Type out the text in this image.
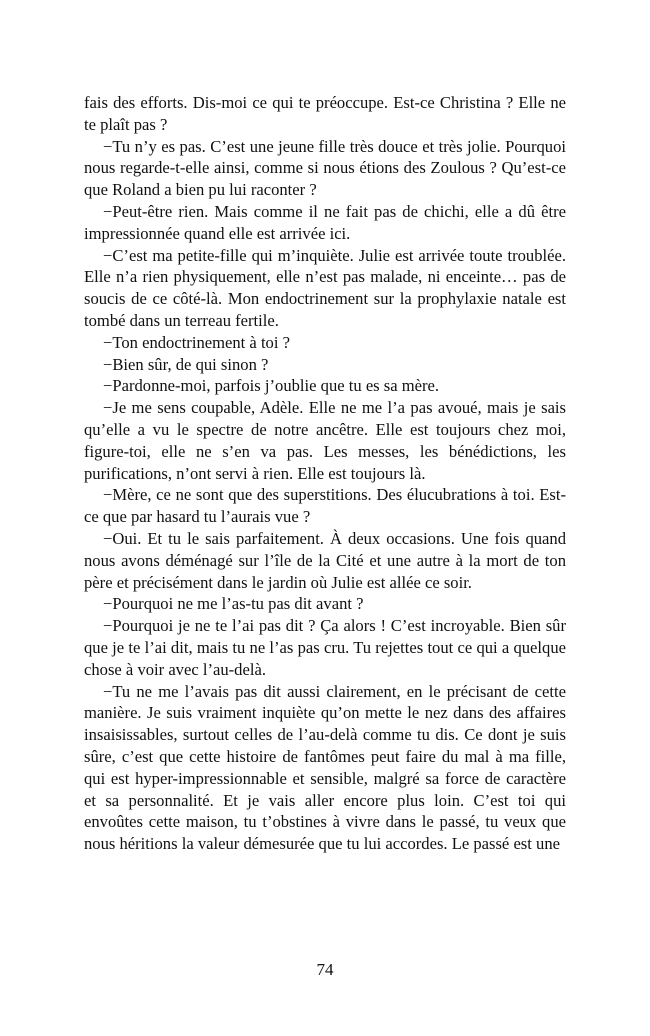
fais des efforts. Dis-moi ce qui te préoccupe. Est-ce Christina ? Elle ne te plaît pas ?

−Tu n’y es pas. C’est une jeune fille très douce et très jolie. Pourquoi nous regarde-t-elle ainsi, comme si nous étions des Zoulous ? Qu’est-ce que Roland a bien pu lui raconter ?

−Peut-être rien. Mais comme il ne fait pas de chichi, elle a dû être impressionnée quand elle est arrivée ici.

−C’est ma petite-fille qui m’inquiète. Julie est arrivée toute troublée. Elle n’a rien physiquement, elle n’est pas malade, ni enceinte… pas de soucis de ce côté-là. Mon endoctrinement sur la prophylaxie natale est tombé dans un terreau fertile.

−Ton endoctrinement à toi ?

−Bien sûr, de qui sinon ?

−Pardonne-moi, parfois j’oublie que tu es sa mère.

−Je me sens coupable, Adèle. Elle ne me l’a pas avoué, mais je sais qu’elle a vu le spectre de notre ancêtre. Elle est toujours chez moi, figure-toi, elle ne s’en va pas. Les messes, les bénédictions, les purifications, n’ont servi à rien. Elle est toujours là.

−Mère, ce ne sont que des superstitions. Des élucubrations à toi. Est-ce que par hasard tu l’aurais vue ?

−Oui. Et tu le sais parfaitement. À deux occasions. Une fois quand nous avons déménagé sur l’île de la Cité et une autre à la mort de ton père et précisément dans le jardin où Julie est allée ce soir.

−Pourquoi ne me l’as-tu pas dit avant ?

−Pourquoi je ne te l’ai pas dit ? Ça alors ! C’est incroyable. Bien sûr que je te l’ai dit, mais tu ne l’as pas cru. Tu rejettes tout ce qui a quelque chose à voir avec l’au-delà.

−Tu ne me l’avais pas dit aussi clairement, en le précisant de cette manière. Je suis vraiment inquiète qu’on mette le nez dans des affaires insaisissables, surtout celles de l’au-delà comme tu dis. Ce dont je suis sûre, c’est que cette histoire de fantômes peut faire du mal à ma fille, qui est hyper-impressionnable et sensible, malgré sa force de caractère et sa personnalité. Et je vais aller encore plus loin. C’est toi qui envoûtes cette maison, tu t’obstines à vivre dans le passé, tu veux que nous héritions la valeur démesurée que tu lui accordes. Le passé est une

74
